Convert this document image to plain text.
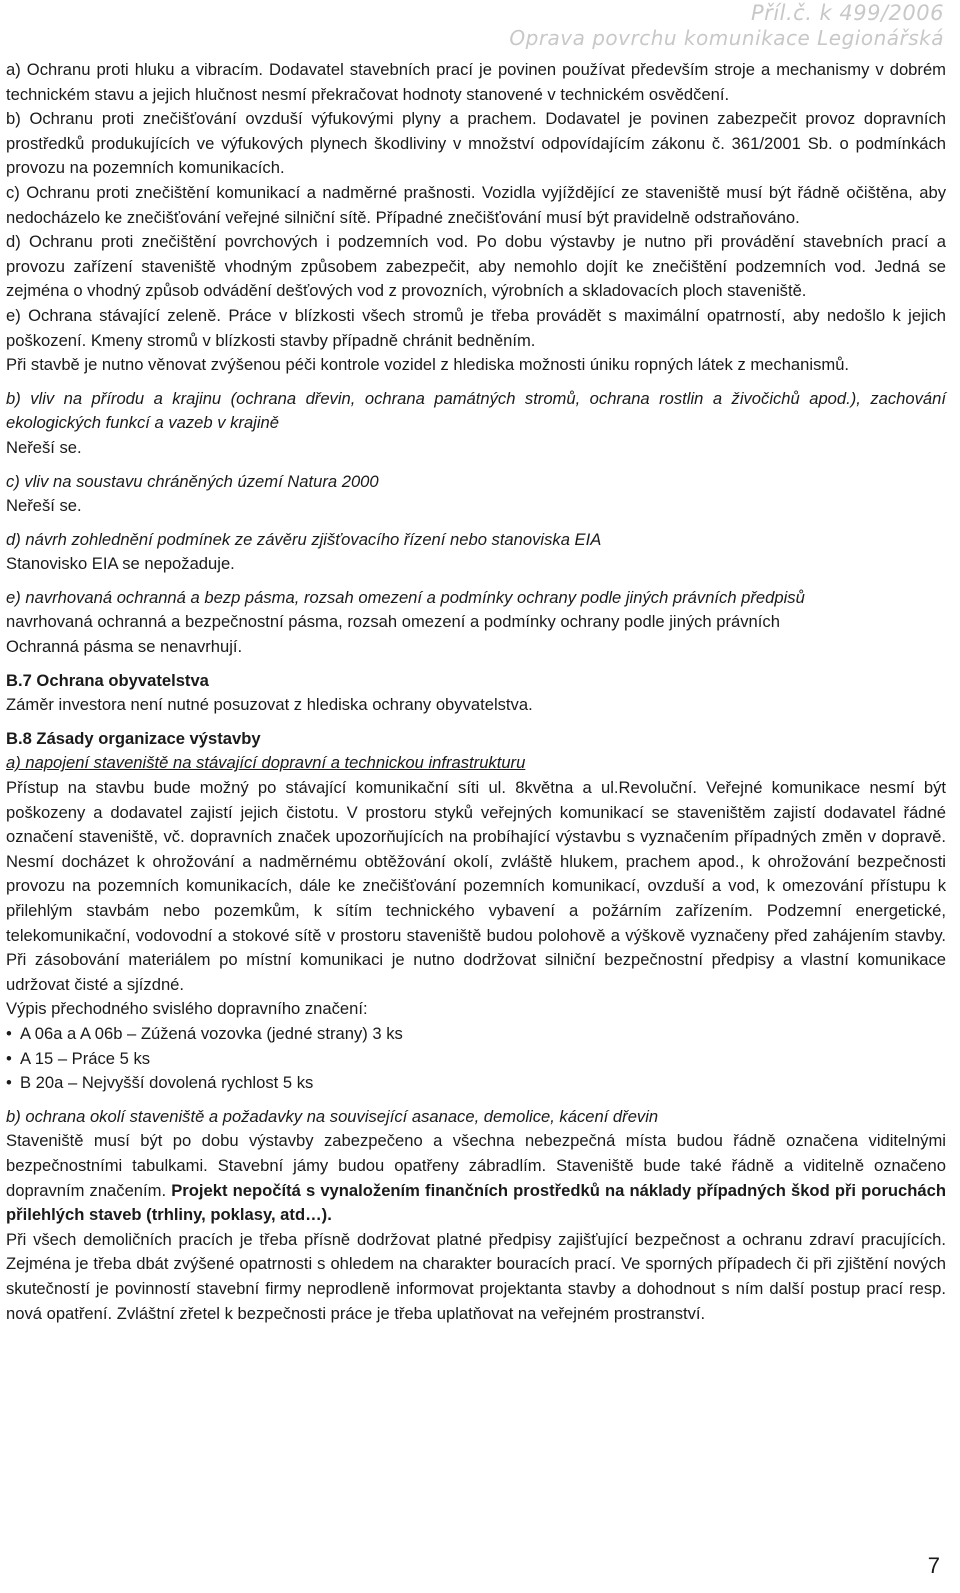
Příl.č. k 499/2006
Oprava povrchu komunikace Legionářská

a) Ochranu proti hluku a vibracím. Dodavatel stavebních prací je povinen používat především stroje a mechanismy v dobrém technickém stavu a jejich hlučnost nesmí překračovat hodnoty stanovené v technickém osvědčení.

b) Ochranu proti znečišťování ovzduší výfukovými plyny a prachem. Dodavatel je povinen zabezpečit provoz dopravních prostředků produkujících ve výfukových plynech škodliviny v množství odpovídajícím zákonu č. 361/2001 Sb. o podmínkách provozu na pozemních komunikacích.

c) Ochranu proti znečištění komunikací a nadměrné prašnosti. Vozidla vyjíždějící ze staveniště musí být řádně očištěna, aby nedocházelo ke znečišťování veřejné silniční sítě. Případné znečišťování musí být pravidelně odstraňováno.

d) Ochranu proti znečištění povrchových i podzemních vod. Po dobu výstavby je nutno při provádění stavebních prací a provozu zařízení staveniště vhodným způsobem zabezpečit, aby nemohlo dojít ke znečištění podzemních vod. Jedná se zejména o vhodný způsob odvádění dešťových vod z provozních, výrobních a skladovacích ploch staveniště.

e) Ochrana stávající zeleně. Práce v blízkosti všech stromů je třeba provádět s maximální opatrností, aby nedošlo k jejich poškození. Kmeny stromů v blízkosti stavby případně chránit bedněním.

Při stavbě je nutno věnovat zvýšenou péči kontrole vozidel z hlediska možnosti úniku ropných látek z mechanismů.

b) vliv na přírodu a krajinu (ochrana dřevin, ochrana památných stromů, ochrana rostlin a živočichů apod.), zachování ekologických funkcí a vazeb v krajině

Neřeší se.

c) vliv na soustavu chráněných území Natura 2000

Neřeší se.

d) návrh zohlednění podmínek ze závěru zjišťovacího řízení nebo stanoviska EIA

Stanovisko EIA se nepožaduje.

e) navrhovaná ochranná a bezp pásma, rozsah omezení a podmínky ochrany podle jiných právních předpisů

navrhovaná ochranná a bezpečnostní pásma, rozsah omezení a podmínky ochrany podle jiných právních

Ochranná pásma se nenavrhují.

B.7 Ochrana obyvatelstva

Záměr investora není nutné posuzovat z hlediska ochrany obyvatelstva.

B.8 Zásady organizace výstavby

a) napojení staveniště na stávající dopravní a technickou infrastrukturu

Přístup na stavbu bude možný po stávající komunikační síti ul. 8května a ul.Revoluční. Veřejné komunikace nesmí být poškozeny a dodavatel zajistí jejich čistotu. V prostoru styků veřejných komunikací se staveništěm zajistí dodavatel řádné označení staveniště, vč. dopravních značek upozorňujících na probíhající výstavbu s vyznačením případných změn v dopravě. Nesmí docházet k ohrožování a nadměrnému obtěžování okolí, zvláště hlukem, prachem apod., k ohrožování bezpečnosti provozu na pozemních komunikacích, dále ke znečišťování pozemních komunikací, ovzduší a vod, k omezování přístupu k přilehlým stavbám nebo pozemkům, k sítím technického vybavení a požárním zařízením. Podzemní energetické, telekomunikační, vodovodní a stokové sítě v prostoru staveniště budou polohově a výškově vyznačeny před zahájením stavby. Při zásobování materiálem po místní komunikaci je nutno dodržovat silniční bezpečnostní předpisy a vlastní komunikace udržovat čisté a sjízdné.

Výpis přechodného svislého dopravního značení:

• A 06a a A 06b – Zúžená vozovka (jedné strany) 3 ks
• A 15 – Práce 5 ks
• B 20a – Nejvyšší dovolená rychlost 5 ks

b) ochrana okolí staveniště a požadavky na související asanace, demolice, kácení dřevin

Staveniště musí být po dobu výstavby zabezpečeno a všechna nebezpečná místa budou řádně označena viditelnými bezpečnostními tabulkami. Stavební jámy budou opatřeny zábradlím. Staveniště bude také řádně a viditelně označeno dopravním značením. Projekt nepočítá s vynaložením finančních prostředků na náklady případných škod při poruchách přilehlých staveb (trhliny, poklasy, atd…).

Při všech demoličních pracích je třeba přísně dodržovat platné předpisy zajišťující bezpečnost a ochranu zdraví pracujících. Zejména je třeba dbát zvýšené opatrnosti s ohledem na charakter bouracích prací. Ve sporných případech či při zjištění nových skutečností je povinností stavební firmy neprodleně informovat projektanta stavby a dohodnout s ním další postup prací resp. nová opatření. Zvláštní zřetel k bezpečnosti práce je třeba uplatňovat na veřejném prostranství.

7
